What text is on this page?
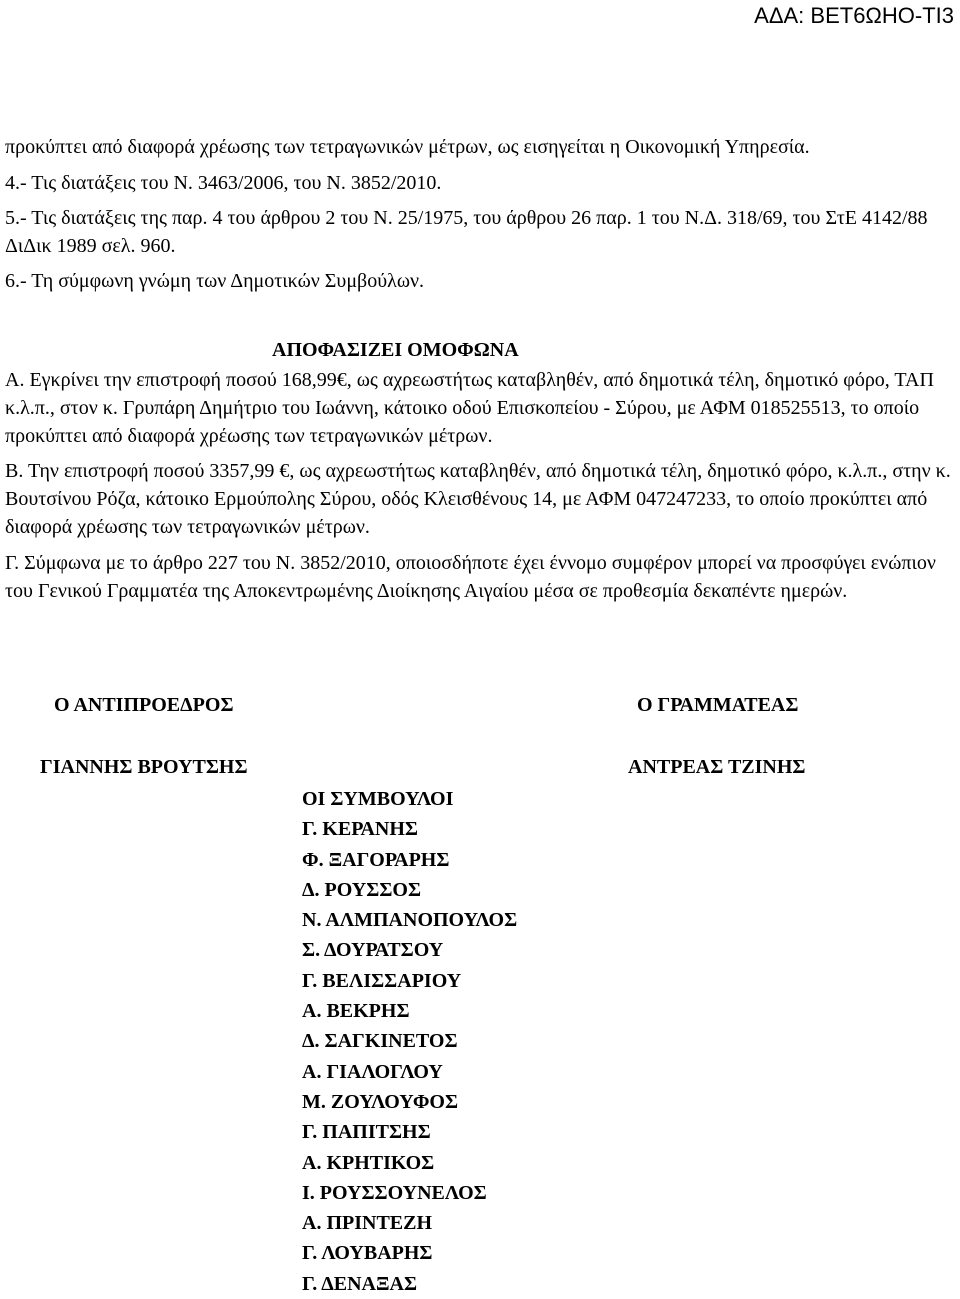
ΑΔΑ: ΒΕΤ6ΩΗΟ-ΤΙ3

προκύπτει από διαφορά χρέωσης των τετραγωνικών μέτρων, ως εισηγείται η Οικονομική Υπηρεσία.

4.- Τις διατάξεις του Ν. 3463/2006, του Ν. 3852/2010.

5.- Τις διατάξεις της παρ. 4 του άρθρου 2 του Ν. 25/1975, του άρθρου 26 παρ. 1 του Ν.Δ. 318/69, του ΣτΕ 4142/88 ΔιΔικ 1989 σελ. 960.

6.- Τη σύμφωνη γνώμη των Δημοτικών Συμβούλων.

ΑΠΟΦΑΣΙΖΕΙ ΟΜΟΦΩΝΑ

Α. Εγκρίνει την επιστροφή ποσού 168,99€, ως αχρεωστήτως καταβληθέν, από δημοτικά τέλη, δημοτικό φόρο, ΤΑΠ κ.λ.π., στον κ. Γρυπάρη Δημήτριο του Ιωάννη, κάτοικο οδού Επισκοπείου - Σύρου, με ΑΦΜ 018525513, το οποίο προκύπτει από διαφορά χρέωσης των τετραγωνικών μέτρων.

Β. Την επιστροφή ποσού 3357,99 €, ως αχρεωστήτως καταβληθέν, από δημοτικά τέλη, δημοτικό φόρο, κ.λ.π., στην κ. Βουτσίνου Ρόζα, κάτοικο Ερμούπολης Σύρου, οδός Κλεισθένους 14, με ΑΦΜ 047247233, το οποίο προκύπτει από διαφορά χρέωσης των τετραγωνικών μέτρων.

Γ. Σύμφωνα με το άρθρο 227 του Ν. 3852/2010, οποιοσδήποτε έχει έννομο συμφέρον μπορεί να προσφύγει ενώπιον του Γενικού Γραμματέα της Αποκεντρωμένης Διοίκησης Αιγαίου μέσα σε προθεσμία δεκαπέντε ημερών.

Ο ΑΝΤΙΠΡΟΕΔΡΟΣ	Ο ΓΡΑΜΜΑΤΕΑΣ
ΓΙΑΝΝΗΣ ΒΡΟΥΤΣΗΣ	ΑΝΤΡΕΑΣ ΤΖΙΝΗΣ
ΟΙ ΣΥΜΒΟΥΛΟΙ
Γ. ΚΕΡΑΝΗΣ
Φ. ΞΑΓΟΡΑΡΗΣ
Δ. ΡΟΥΣΣΟΣ
Ν. ΑΛΜΠΑΝΟΠΟΥΛΟΣ
Σ. ΔΟΥΡΑΤΣΟΥ
Γ. ΒΕΛΙΣΣΑΡΙΟΥ
Α. ΒΕΚΡΗΣ
Δ. ΣΑΓΚΙΝΕΤΟΣ
Α. ΓΙΑΛΟΓΛΟΥ
Μ. ΖΟΥΛΟΥΦΟΣ
Γ. ΠΑΠΙΤΣΗΣ
Α. ΚΡΗΤΙΚΟΣ
Ι. ΡΟΥΣΣΟΥΝΕΛΟΣ
Α. ΠΡΙΝΤΕΖΗ
Γ. ΛΟΥΒΑΡΗΣ
Γ. ΔΕΝΑΞΑΣ
